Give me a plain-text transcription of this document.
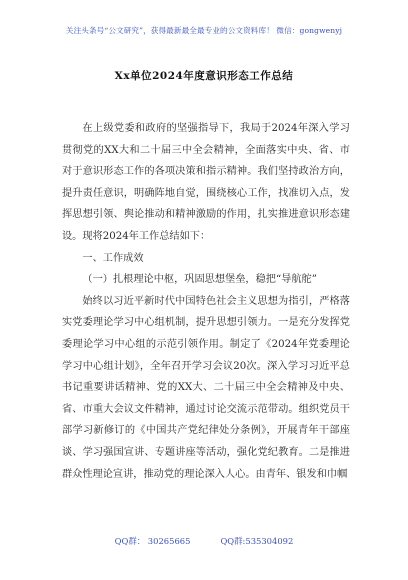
关注头条号“公文研究”，获得最新最全最专业的公文资料库！ 微信：gongwenyj
Xx单位2024年度意识形态工作总结

在上级党委和政府的坚强指导下，我局于2024年深入学习贯彻党的XX大和二十届三中全会精神，全面落实中央、省、市对于意识形态工作的各项决策和指示精神。我们坚持政治方向，提升责任意识，明确阵地自觉，围绕核心工作，找准切入点，发挥思想引领、舆论推动和精神激励的作用，扎实推进意识形态建设。现将2024年工作总结如下：

一、工作成效

（一）扎根理论中枢，巩固思想堡垒，稳把“导航舵”

始终以习近平新时代中国特色社会主义思想为指引，严格落实党委理论学习中心组机制，提升思想引领力。一是充分发挥党委理论学习中心组的示范引领作用。制定了《2024年党委理论学习中心组计划》，全年召开学习会议20次。深入学习习近平总书记重要讲话精神、党的XX大、二十届三中全会精神及中央、省、市重大会议文件精神，通过讨论交流示范带动。组织党员干部学习新修订的《中国共产党纪律处分条例》，开展青年干部座谈、学习强国宣讲、专题讲座等活动，强化党纪教育。二是推进群众性理论宣讲，推动党的理论深入人心。由青年、银发和巾帼

QQ群： 30265665	QQ群:535304092
